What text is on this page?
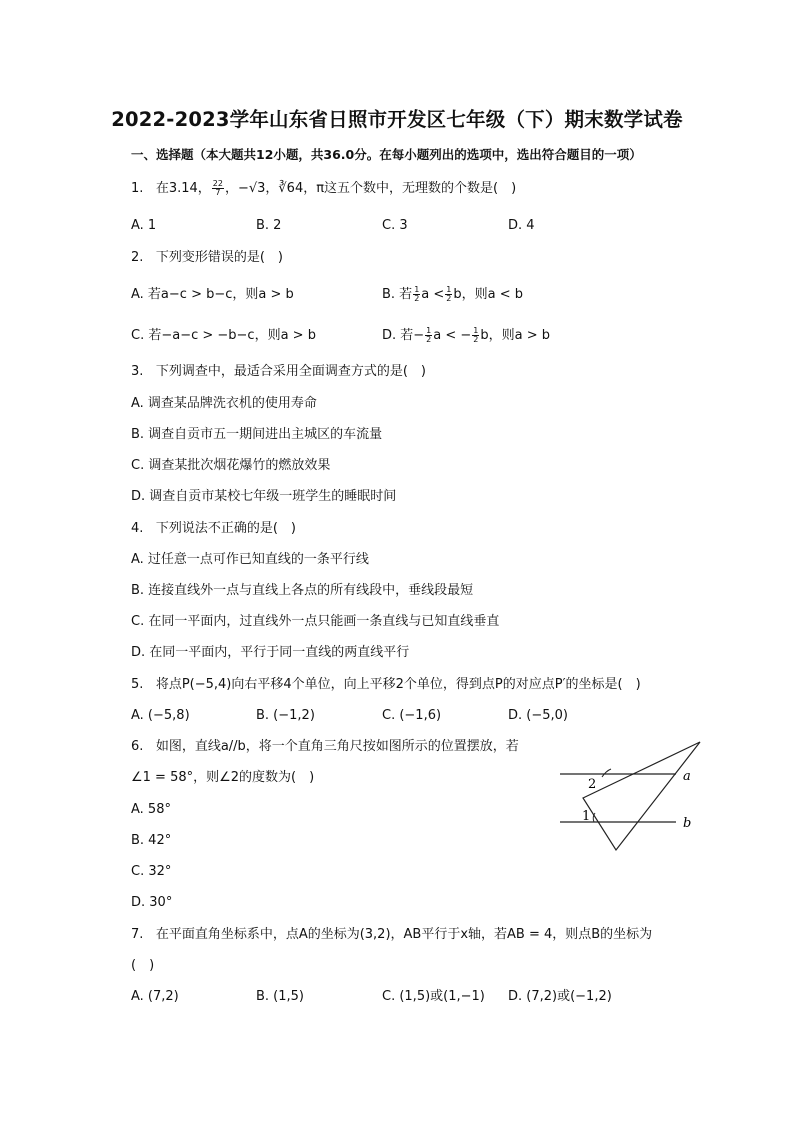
2022-2023学年山东省日照市开发区七年级（下）期末数学试卷
一、选择题（本大题共12小题，共36.0分。在每小题列出的选项中，选出符合题目的一项）
1. 在3.14， $\frac{22}{7}$ ，−√3，∛64，π这五个数中，无理数的个数是(　)
A. 1	B. 2	C. 3	D. 4
2. 下列变形错误的是(　)
A. 若a−c > b−c，则a > b	B. 若 $\frac{1}{2}$ $a < \frac{1}{2}$ b，则a < b
C. 若−a−c > −b−c，则a > b	D. 若− $\frac{1}{2}$ a < − $\frac{1}{2}$ b，则a > b
3. 下列调查中，最适合采用全面调查方式的是(　)
A. 调查某品牌洗衣机的使用寿命
B. 调查自贡市五一期间进出主城区的车流量
C. 调查某批次烟花爆竹的燃放效果
D. 调查自贡市某校七年级一班学生的睡眠时间
4. 下列说法不正确的是(　)
A. 过任意一点可作已知直线的一条平行线
B. 连接直线外一点与直线上各点的所有线段中，垂线段最短
C. 在同一平面内，过直线外一点只能画一条直线与已知直线垂直
D. 在同一平面内，平行于同一直线的两直线平行
5. 将点P(−5,4)向右平移4个单位，向上平移2个单位，得到点P的对应点P′的坐标是(　)
A. (−5,8)	B. (−1,2)	C. (−1,6)	D. (−5,0)
6. 如图，直线a//b，将一个直角三角尺按如图所示的位置摆放，若
∠1 = 58°，则∠2的度数为(　)
A. 58°
B. 42°
C. 32°
D. 30°
2
1
a
b
7. 在平面直角坐标系中，点A的坐标为(3,2)，AB平行于x轴，若AB = 4，则点B的坐标为
(　)
A. (7,2)	B. (1,5)	C. (1,5)或(1,−1) D. (7,2)或(−1,2)
